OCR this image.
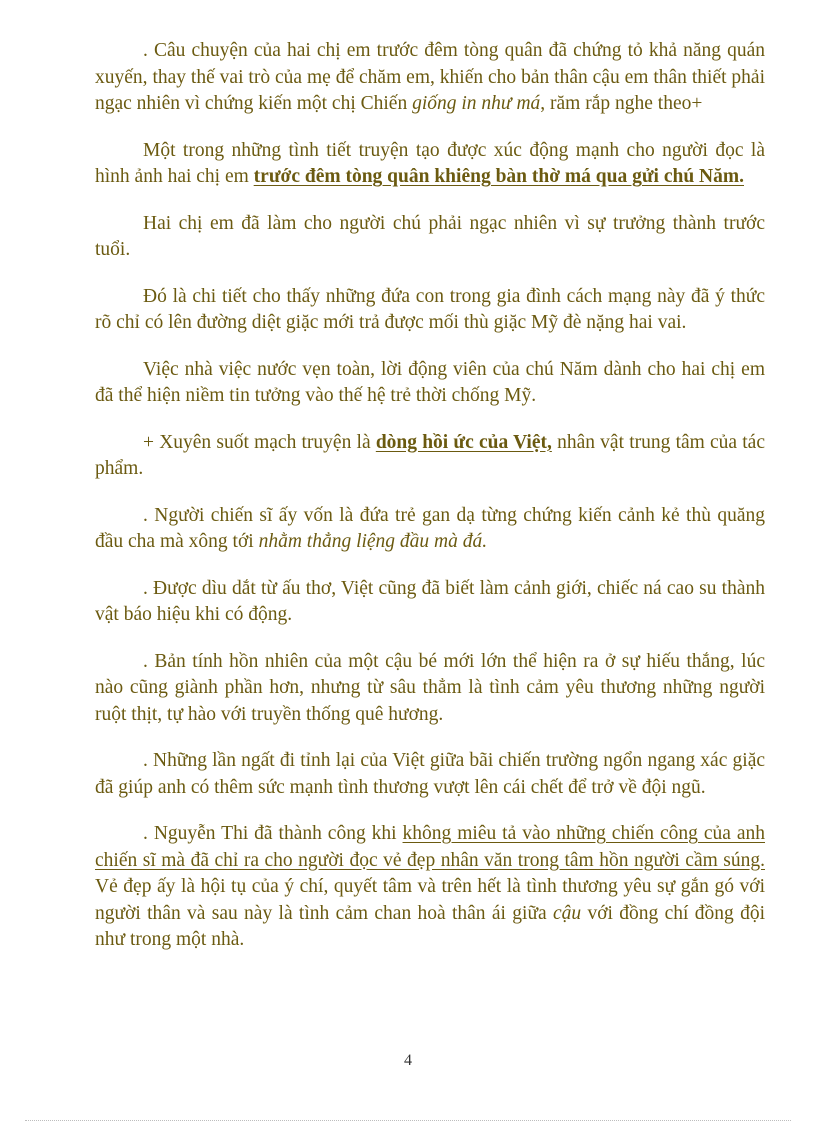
. Câu chuyện của hai chị em trước đêm tòng quân đã chứng tỏ khả năng quán xuyến, thay thế vai trò của mẹ để chăm em, khiến cho bản thân cậu em thân thiết phải ngạc nhiên vì chứng kiến một chị Chiến giống in như má, răm rắp nghe theo+

Một trong những tình tiết truyện tạo được xúc động mạnh cho người đọc là hình ảnh hai chị em trước đêm tòng quân khiêng bàn thờ má qua gửi chú Năm.

Hai chị em đã làm cho người chú phải ngạc nhiên vì sự trưởng thành trước tuổi.

Đó là chi tiết cho thấy những đứa con trong gia đình cách mạng này đã ý thức rõ chỉ có lên đường diệt giặc mới trả được mối thù giặc Mỹ đè nặng hai vai.

Việc nhà việc nước vẹn toàn, lời động viên của chú Năm dành cho hai chị em đã thể hiện niềm tin tưởng vào thế hệ trẻ thời chống Mỹ.

+ Xuyên suốt mạch truyện là dòng hồi ức của Việt, nhân vật trung tâm của tác phẩm.

. Người chiến sĩ ấy vốn là đứa trẻ gan dạ từng chứng kiến cảnh kẻ thù quăng đầu cha mà xông tới nhằm thẳng liệng đầu mà đá.

. Được dìu dắt từ ấu thơ, Việt cũng đã biết làm cảnh giới, chiếc ná cao su thành vật báo hiệu khi có động.

. Bản tính hồn nhiên của một cậu bé mới lớn thể hiện ra ở sự hiếu thắng, lúc nào cũng giành phần hơn, nhưng từ sâu thẳm là tình cảm yêu thương những người ruột thịt, tự hào với truyền thống quê hương.

. Những lần ngất đi tỉnh lại của Việt giữa bãi chiến trường ngổn ngang xác giặc đã giúp anh có thêm sức mạnh tình thương vượt lên cái chết để trở về đội ngũ.

. Nguyễn Thi đã thành công khi không miêu tả vào những chiến công của anh chiến sĩ mà đã chỉ ra cho người đọc vẻ đẹp nhân văn trong tâm hồn người cầm súng. Vẻ đẹp ấy là hội tụ của ý chí, quyết tâm và trên hết là tình thương yêu sự gắn gó với người thân và sau này là tình cảm chan hoà thân ái giữa cậu với đồng chí đồng đội như trong một nhà.

4
